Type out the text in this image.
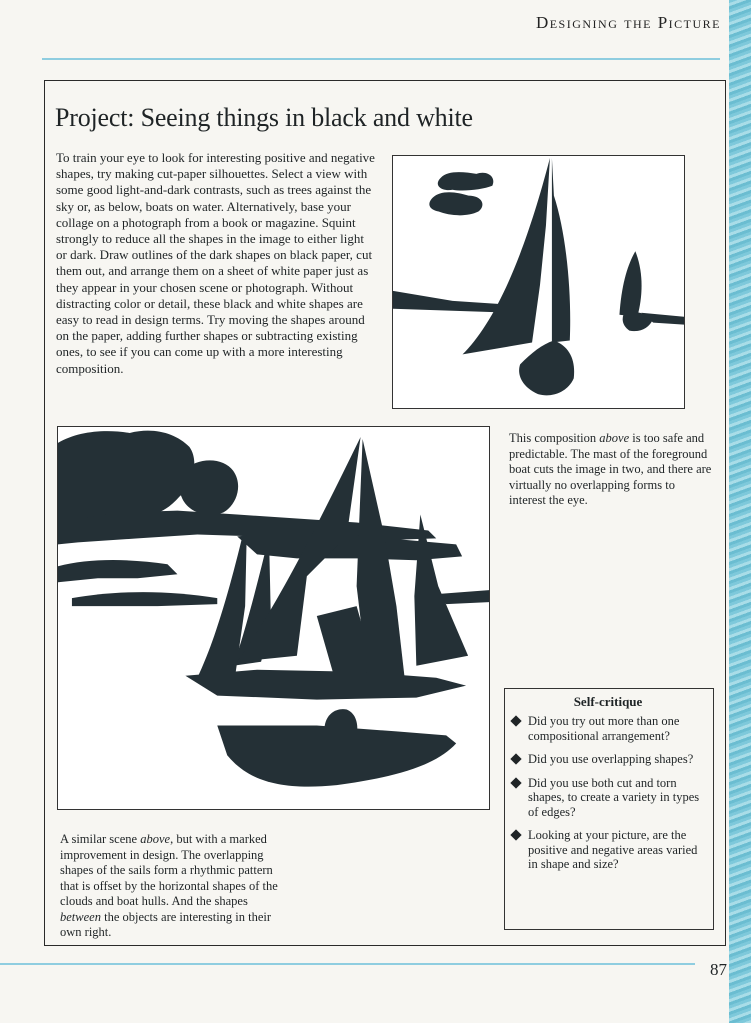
Designing the Picture
Project: Seeing things in black and white

To train your eye to look for interesting positive and negative shapes, try making cut-paper silhouettes. Select a view with some good light-and-dark contrasts, such as trees against the sky or, as below, boats on water. Alternatively, base your collage on a photograph from a book or magazine. Squint strongly to reduce all the shapes in the image to either light or dark. Draw outlines of the dark shapes on black paper, cut them out, and arrange them on a sheet of white paper just as they appear in your chosen scene or photograph. Without distracting color or detail, these black and white shapes are easy to read in design terms. Try moving the shapes around on the paper, adding further shapes or subtracting existing ones, to see if you can come up with a more interesting composition.

This composition above is too safe and predictable. The mast of the foreground boat cuts the image in two, and there are virtually no overlapping forms to interest the eye.

A similar scene above, but with a marked improvement in design. The overlapping shapes of the sails form a rhythmic pattern that is offset by the horizontal shapes of the clouds and boat hulls. And the shapes between the objects are interesting in their own right.

Self-critique

Did you try out more than one compositional arrangement?
Did you use overlapping shapes?
Did you use both cut and torn shapes, to create a variety in types of edges?
Looking at your picture, are the positive and negative areas varied in shape and size?
87
